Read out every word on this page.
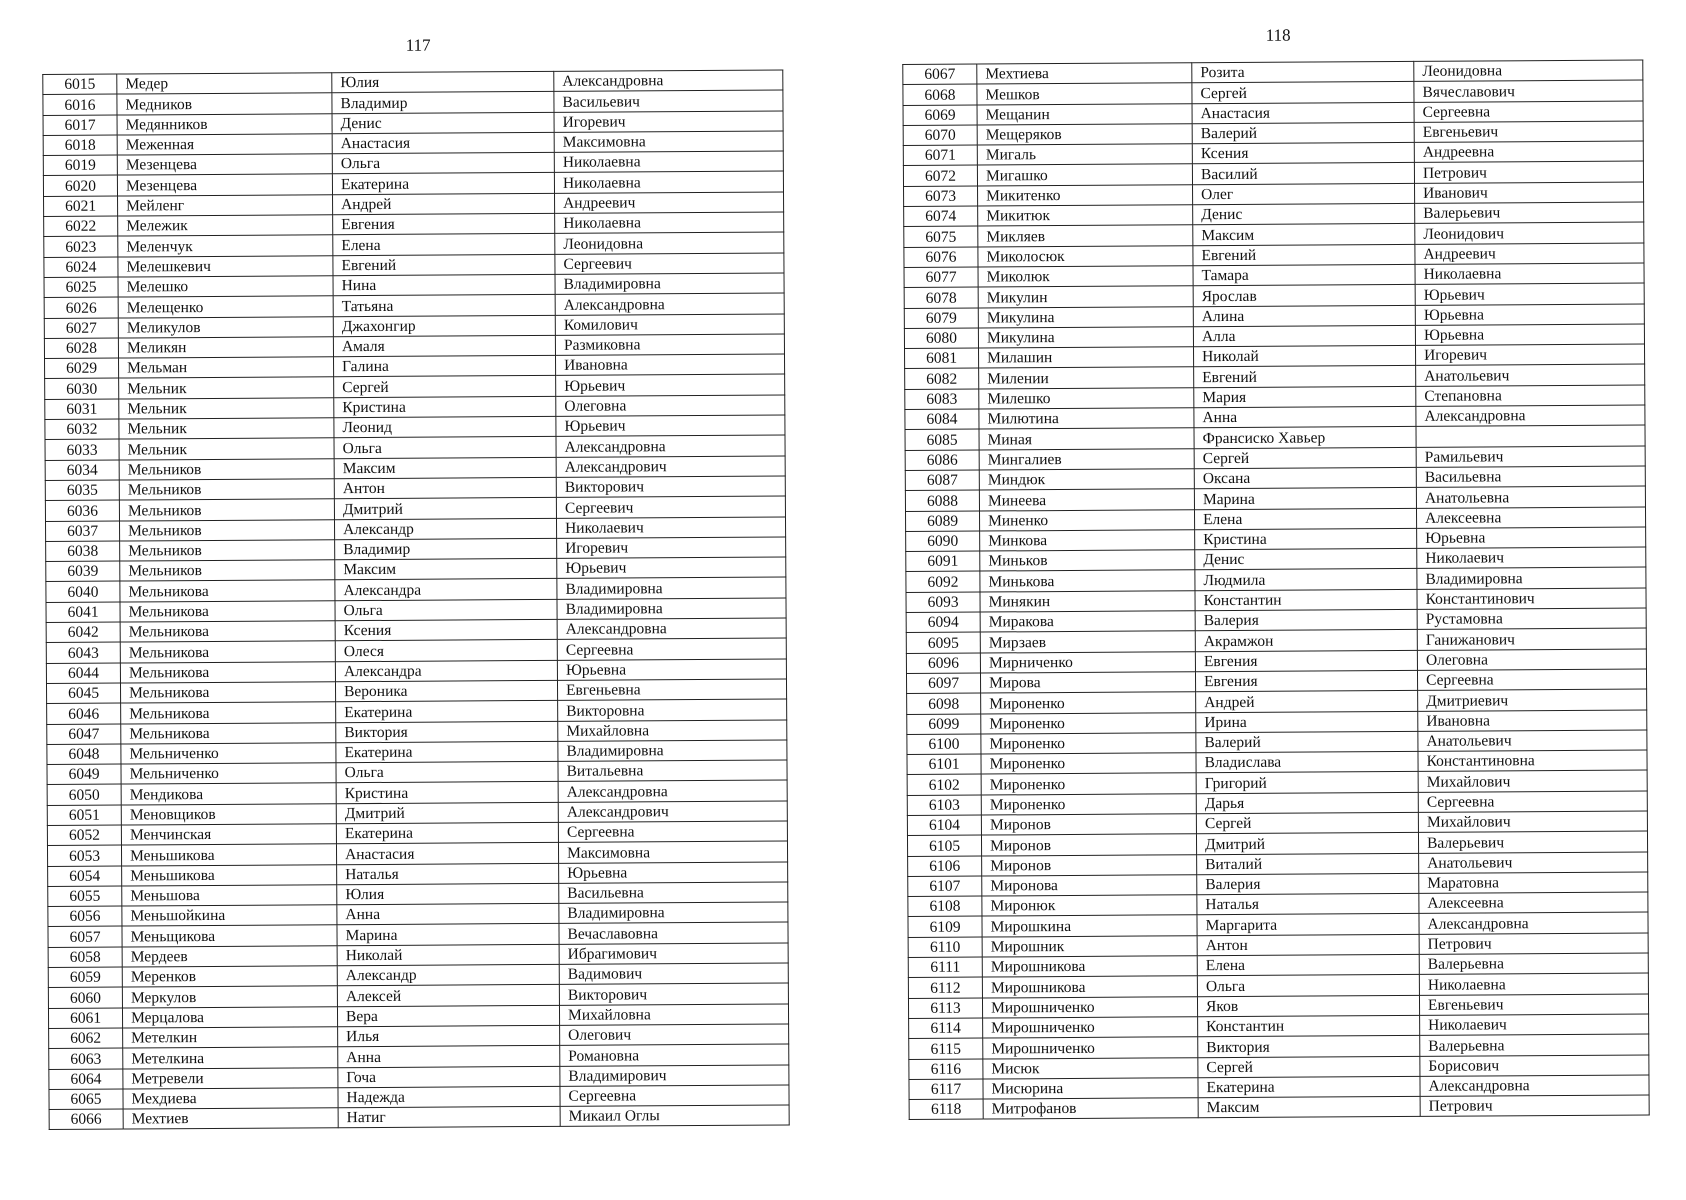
117
6015	Медер	Юлия	Александровна
6016	Медников	Владимир	Васильевич
6017	Медянников	Денис	Игоревич
6018	Меженная	Анастасия	Максимовна
6019	Мезенцева	Ольга	Николаевна
6020	Мезенцева	Екатерина	Николаевна
6021	Мейленг	Андрей	Андреевич
6022	Мележик	Евгения	Николаевна
6023	Меленчук	Елена	Леонидовна
6024	Мелешкевич	Евгений	Сергеевич
6025	Мелешко	Нина	Владимировна
6026	Мелещенко	Татьяна	Александровна
6027	Меликулов	Джахонгир	Комилович
6028	Меликян	Амаля	Размиковна
6029	Мельман	Галина	Ивановна
6030	Мельник	Сергей	Юрьевич
6031	Мельник	Кристина	Олеговна
6032	Мельник	Леонид	Юрьевич
6033	Мельник	Ольга	Александровна
6034	Мельников	Максим	Александрович
6035	Мельников	Антон	Викторович
6036	Мельников	Дмитрий	Сергеевич
6037	Мельников	Александр	Николаевич
6038	Мельников	Владимир	Игоревич
6039	Мельников	Максим	Юрьевич
6040	Мельникова	Александра	Владимировна
6041	Мельникова	Ольга	Владимировна
6042	Мельникова	Ксения	Александровна
6043	Мельникова	Олеся	Сергеевна
6044	Мельникова	Александра	Юрьевна
6045	Мельникова	Вероника	Евгеньевна
6046	Мельникова	Екатерина	Викторовна
6047	Мельникова	Виктория	Михайловна
6048	Мельниченко	Екатерина	Владимировна
6049	Мельниченко	Ольга	Витальевна
6050	Мендикова	Кристина	Александровна
6051	Меновщиков	Дмитрий	Александрович
6052	Менчинская	Екатерина	Сергеевна
6053	Меньшикова	Анастасия	Максимовна
6054	Меньшикова	Наталья	Юрьевна
6055	Меньшова	Юлия	Васильевна
6056	Меньшойкина	Анна	Владимировна
6057	Меньщикова	Марина	Вечаславовна
6058	Мердеев	Николай	Ибрагимович
6059	Меренков	Александр	Вадимович
6060	Меркулов	Алексей	Викторович
6061	Мерцалова	Вера	Михайловна
6062	Метелкин	Илья	Олегович
6063	Метелкина	Анна	Романовна
6064	Метревели	Гоча	Владимирович
6065	Мехдиева	Надежда	Сергеевна
6066	Мехтиев	Натиг	Микаил Оглы
118
6067	Мехтиева	Розита	Леонидовна
6068	Мешков	Сергей	Вячеславович
6069	Мещанин	Анастасия	Сергеевна
6070	Мещеряков	Валерий	Евгеньевич
6071	Мигаль	Ксения	Андреевна
6072	Мигашко	Василий	Петрович
6073	Микитенко	Олег	Иванович
6074	Микитюк	Денис	Валерьевич
6075	Микляев	Максим	Леонидович
6076	Миколосюк	Евгений	Андреевич
6077	Миколюк	Тамара	Николаевна
6078	Микулин	Ярослав	Юрьевич
6079	Микулина	Алина	Юрьевна
6080	Микулина	Алла	Юрьевна
6081	Милашин	Николай	Игоревич
6082	Милении	Евгений	Анатольевич
6083	Милешко	Мария	Степановна
6084	Милютина	Анна	Александровна
6085	Миная	Франсиско Хавьер	
6086	Мингалиев	Сергей	Рамильевич
6087	Миндюк	Оксана	Васильевна
6088	Минеева	Марина	Анатольевна
6089	Миненко	Елена	Алексеевна
6090	Минкова	Кристина	Юрьевна
6091	Миньков	Денис	Николаевич
6092	Минькова	Людмила	Владимировна
6093	Минякин	Константин	Константинович
6094	Миракова	Валерия	Рустамовна
6095	Мирзаев	Акрамжон	Ганижанович
6096	Мирниченко	Евгения	Олеговна
6097	Мирова	Евгения	Сергеевна
6098	Мироненко	Андрей	Дмитриевич
6099	Мироненко	Ирина	Ивановна
6100	Мироненко	Валерий	Анатольевич
6101	Мироненко	Владислава	Константиновна
6102	Мироненко	Григорий	Михайлович
6103	Мироненко	Дарья	Сергеевна
6104	Миронов	Сергей	Михайлович
6105	Миронов	Дмитрий	Валерьевич
6106	Миронов	Виталий	Анатольевич
6107	Миронова	Валерия	Маратовна
6108	Миронюк	Наталья	Алексеевна
6109	Мирошкина	Маргарита	Александровна
6110	Мирошник	Антон	Петрович
6111	Мирошникова	Елена	Валерьевна
6112	Мирошникова	Ольга	Николаевна
6113	Мирошниченко	Яков	Евгеньевич
6114	Мирошниченко	Константин	Николаевич
6115	Мирошниченко	Виктория	Валерьевна
6116	Мисюк	Сергей	Борисович
6117	Мисюрина	Екатерина	Александровна
6118	Митрофанов	Максим	Петрович
